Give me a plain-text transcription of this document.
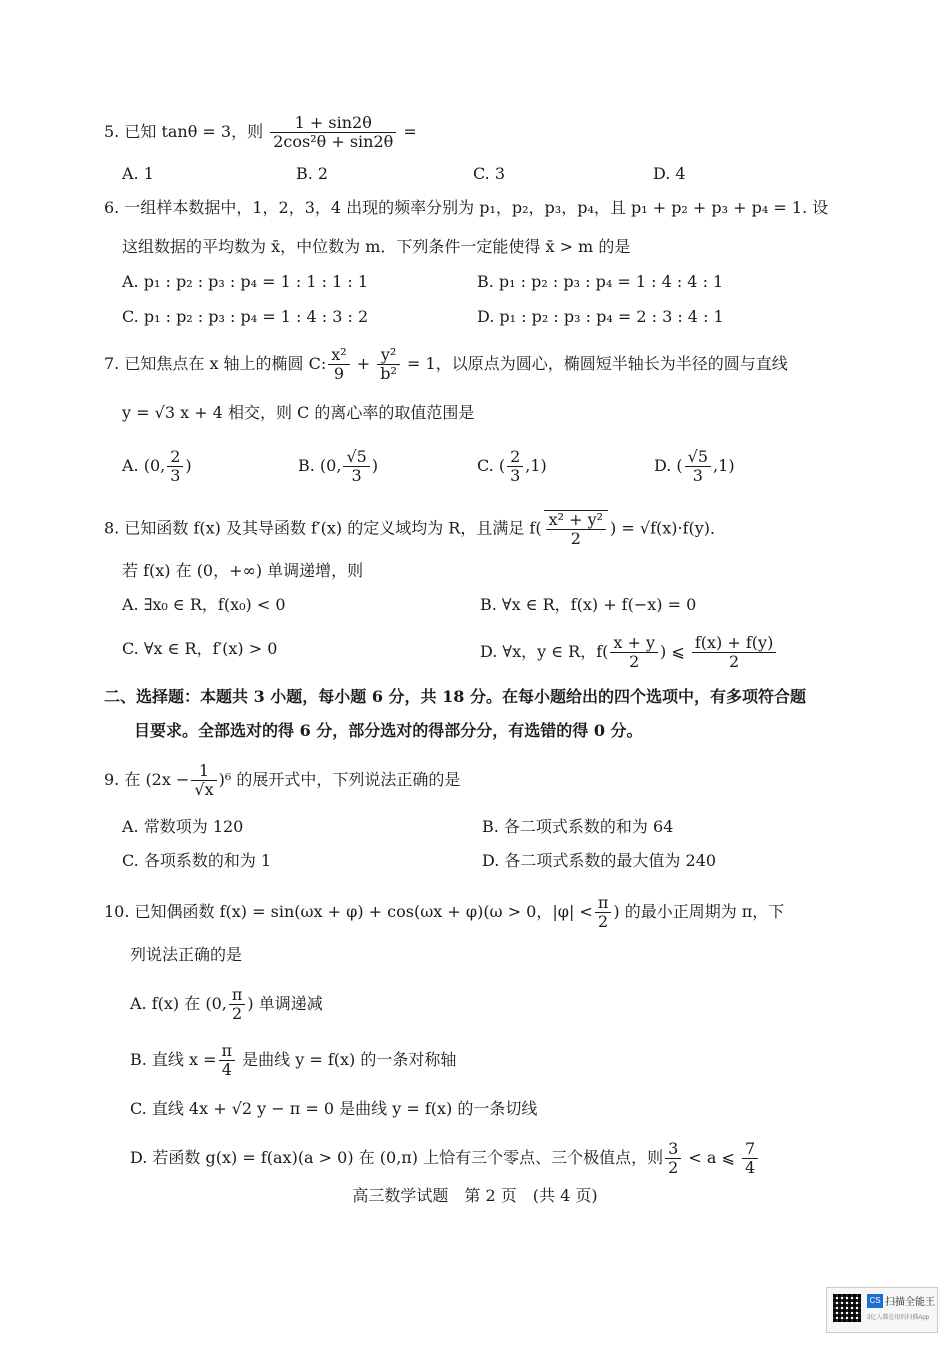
5. 已知 tanθ = 3，则 $\frac{1 + \sin 2\theta}{\text{2cos²θ + sin2θ}}$ =
A. 1	B. 2	C. 3	D. 4
6. 一组样本数据中，1，2，3，4 出现的频率分别为 p₁，p₂，p₃，p₄，且 p₁ + p₂ + p₃ + p₄ = 1. 设
这组数据的平均数为 x̄，中位数为 m．下列条件一定能使得 x̄ > m 的是
A. p₁ : p₂ : p₃ : p₄ = 1 : 1 : 1 : 1	B. p₁ : p₂ : p₃ : p₄ = 1 : 4 : 4 : 1
C. p₁ : p₂ : p₃ : p₄ = 1 : 4 : 3 : 2	D. p₁ : p₂ : p₃ : p₄ = 2 : 3 : 4 : 1
7. 已知焦点在 x 轴上的椭圆 C: $\frac{\text{x²}}{9} + \frac{\text{y²}}{\text{b²}} = 1$，以原点为圆心，椭圆短半轴长为半径的圆与直线
y = √3 x + 4 相交，则 C 的离心率的取值范围是
A. (0, $\frac{2}{3}$ )	B. (0, $\frac{√5}{3}$ )	C. ( $\frac{2}{3} ,1$)	D. ( $\frac{√5}{3} ,1$)
8. 已知函数 f(x) 及其导函数 f′(x) 的定义域均为 R，且满足 $f( \frac{\text{x² + y²}}{2}$ ) = √f(x)·f(y)．
若 f(x) 在 (0，+∞) 单调递增，则
A. ∃x₀ ∈ R，f(x₀) < 0	B. ∀x ∈ R，f(x) + f(−x) = 0
C. ∀x ∈ R，f′(x) > 0	D. ∀x，y ∈ R，$f( \frac{x + y}{2}$ ) ⩽ $\frac{f(x) + f(y)}{2}$
二、选择题：本题共 3 小题，每小题 6 分，共 18 分。在每小题给出的四个选项中，有多项符合题
目要求。全部选对的得 6 分，部分选对的得部分分，有选错的得 0 分。
9. 在 $(2x - \frac{1}{√x} )^6$ 的展开式中，下列说法正确的是
A. 常数项为 120	B. 各二项式系数的和为 64
C. 各项系数的和为 1	D. 各二项式系数的最大值为 240
10. 已知偶函数 f(x) = sin(ωx + φ) + cos(ωx + φ)(ω > 0，$|\varphi| < \frac{\pi}{2}$ ) 的最小正周期为 π，下
列说法正确的是
A. f(x) 在 (0, $\frac{\pi}{2}$ ) 单调递减
B. 直线 $x = \frac{\pi}{4}$ 是曲线 y = f(x) 的一条对称轴
C. 直线 4x + √2 y − π = 0 是曲线 y = f(x) 的一条切线
D. 若函数 g(x) = f(ax)(a > 0) 在 (0,π) 上恰有三个零点、三个极值点，则 $\frac{3}{2} < a$ ⩽ $\frac{7}{4}$
高三数学试题　第 2 页　(共 4 页)
CS 扫描全能王
3亿人都在用的扫描App
